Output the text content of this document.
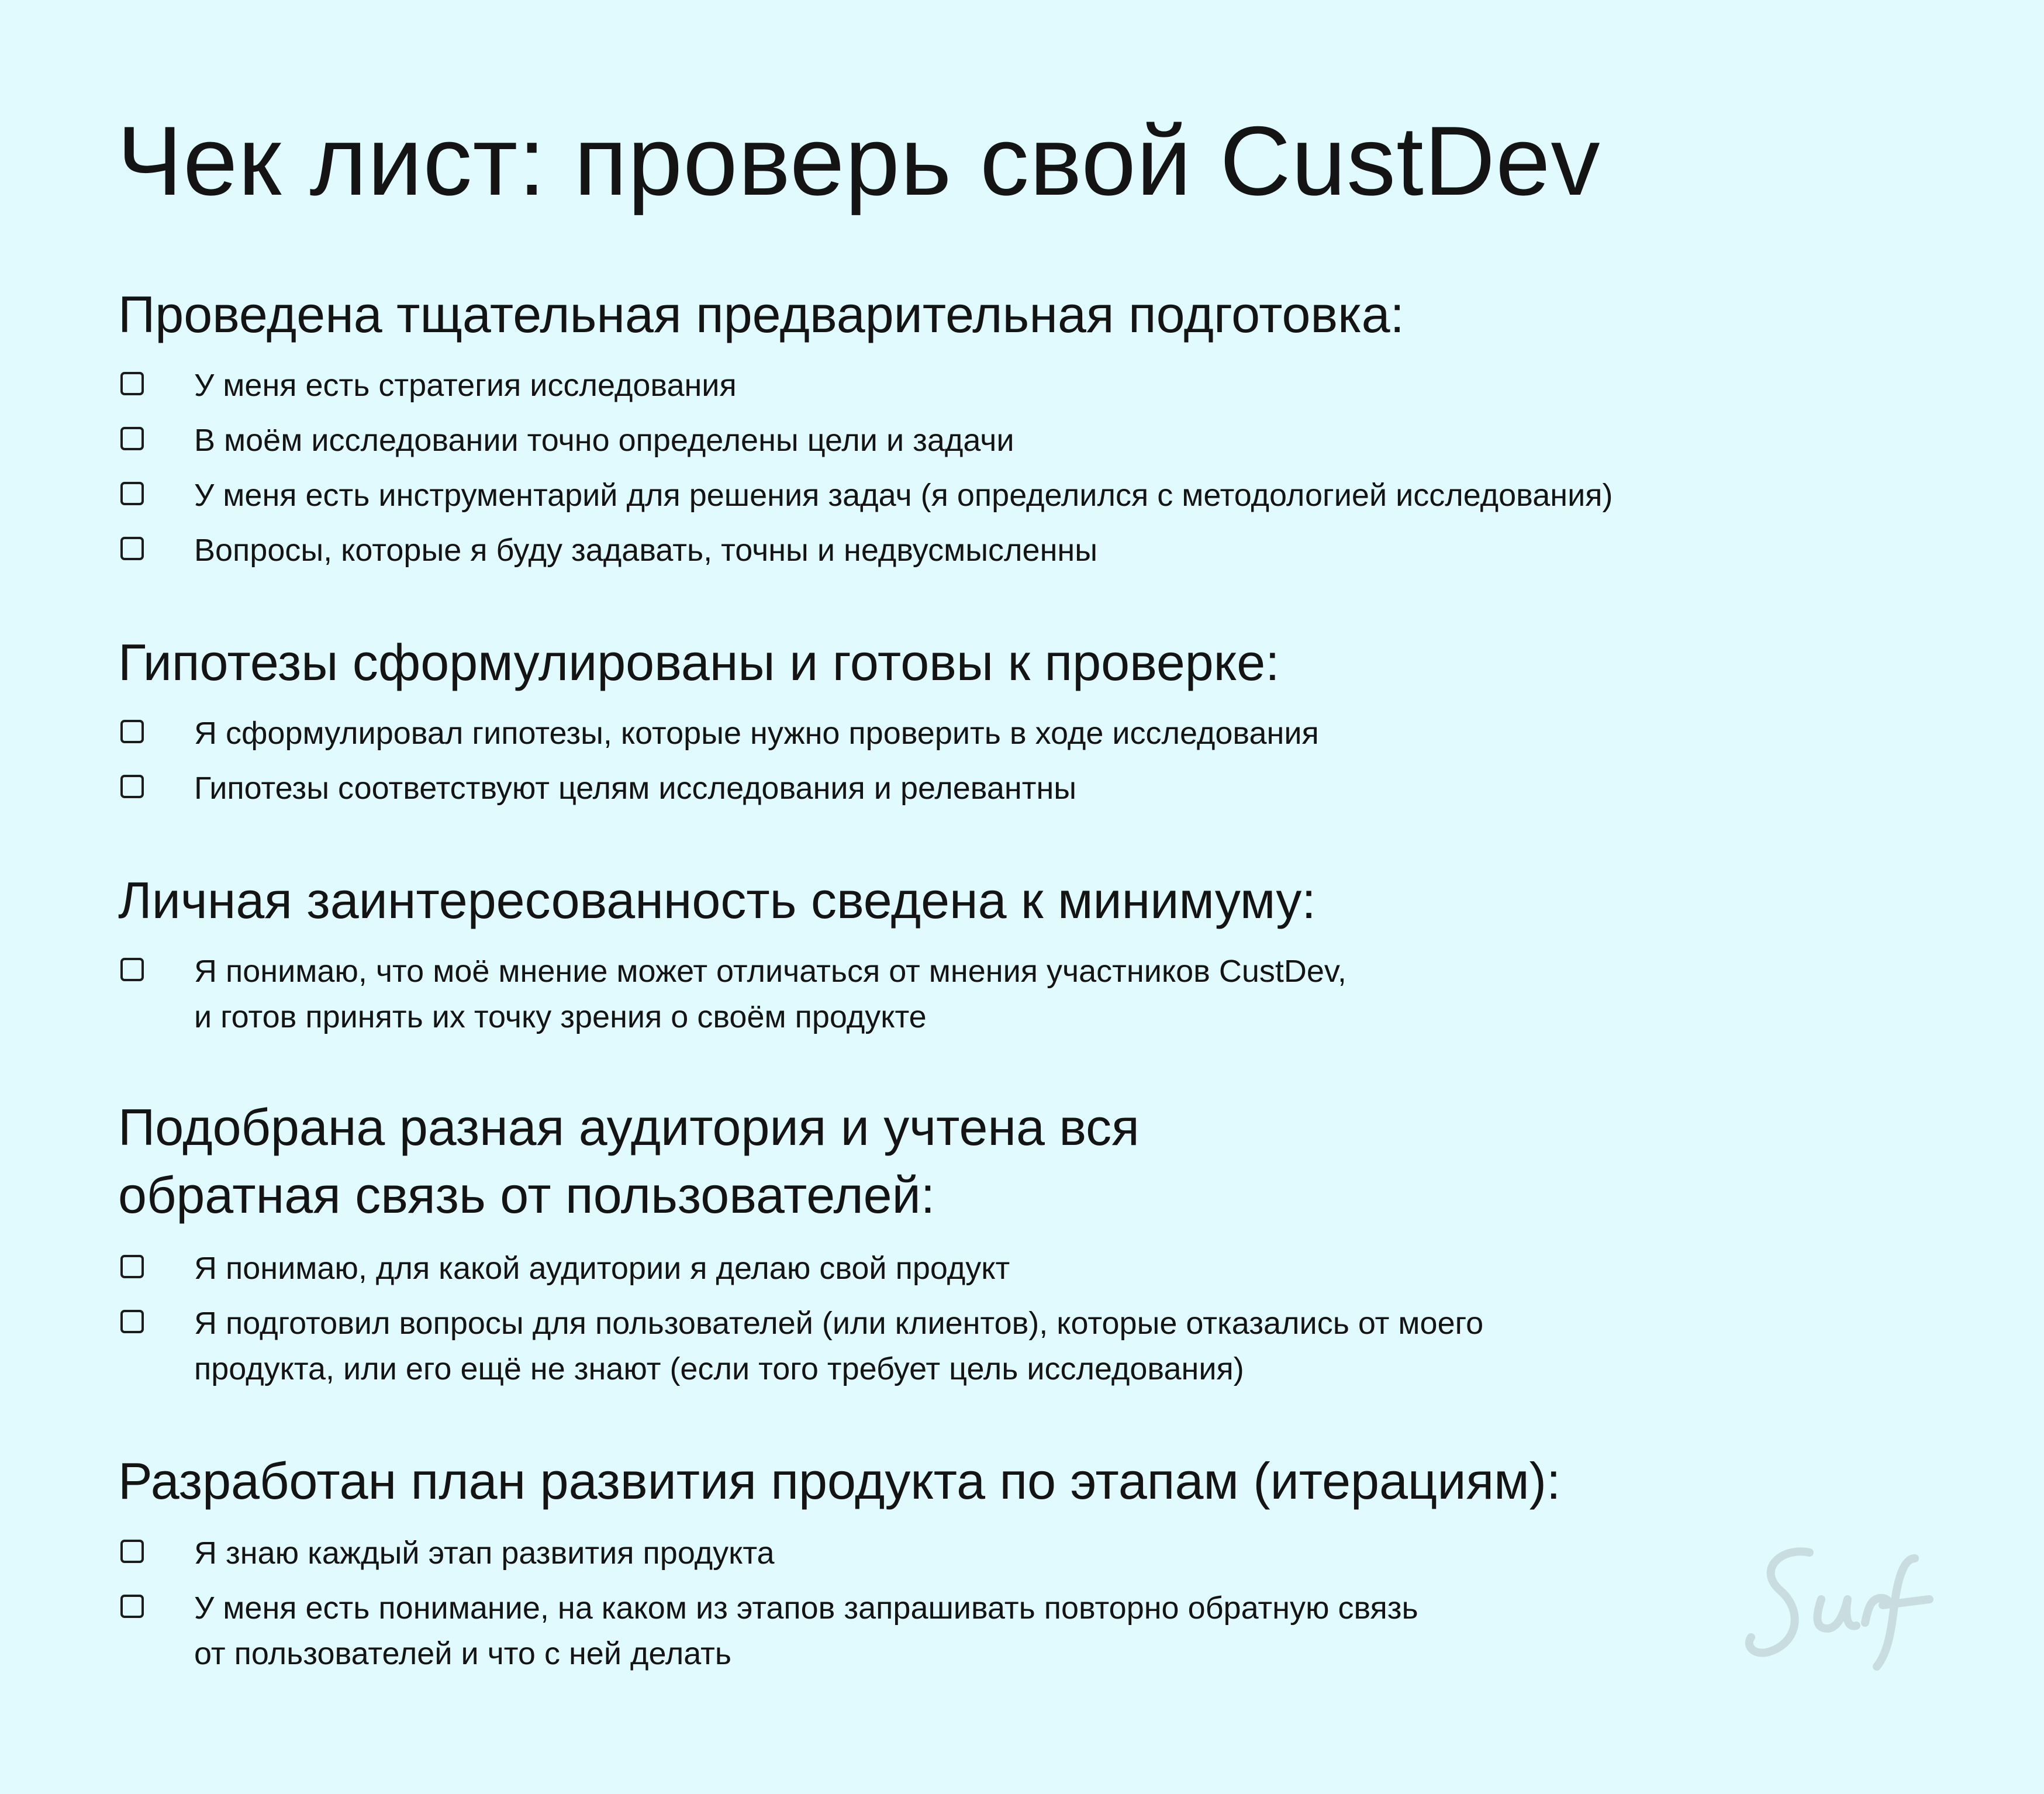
Чек лист: проверь свой CustDev
Проведена тщательная предварительная подготовка:
У меня есть стратегия исследования
В моём исследовании точно определены цели и задачи
У меня есть инструментарий для решения задач (я определился с методологией исследования)
Вопросы, которые я буду задавать, точны и недвусмысленны
Гипотезы сформулированы и готовы к проверке:
Я сформулировал гипотезы, которые нужно проверить в ходе исследования
Гипотезы соответствуют целям исследования и релевантны
Личная заинтересованность сведена к минимуму:
Я понимаю, что моё мнение может отличаться от мнения участников CustDev,
и готов принять их точку зрения о своём продукте
Подобрана разная аудитория и учтена вся
обратная связь от пользователей:
Я понимаю, для какой аудитории я делаю свой продукт
Я подготовил вопросы для пользователей (или клиентов), которые отказались от моего
продукта, или его ещё не знают (если того требует цель исследования)
Разработан план развития продукта по этапам (итерациям):
Я знаю каждый этап развития продукта
У меня есть понимание, на каком из этапов запрашивать повторно обратную связь
от пользователей и что с ней делать
